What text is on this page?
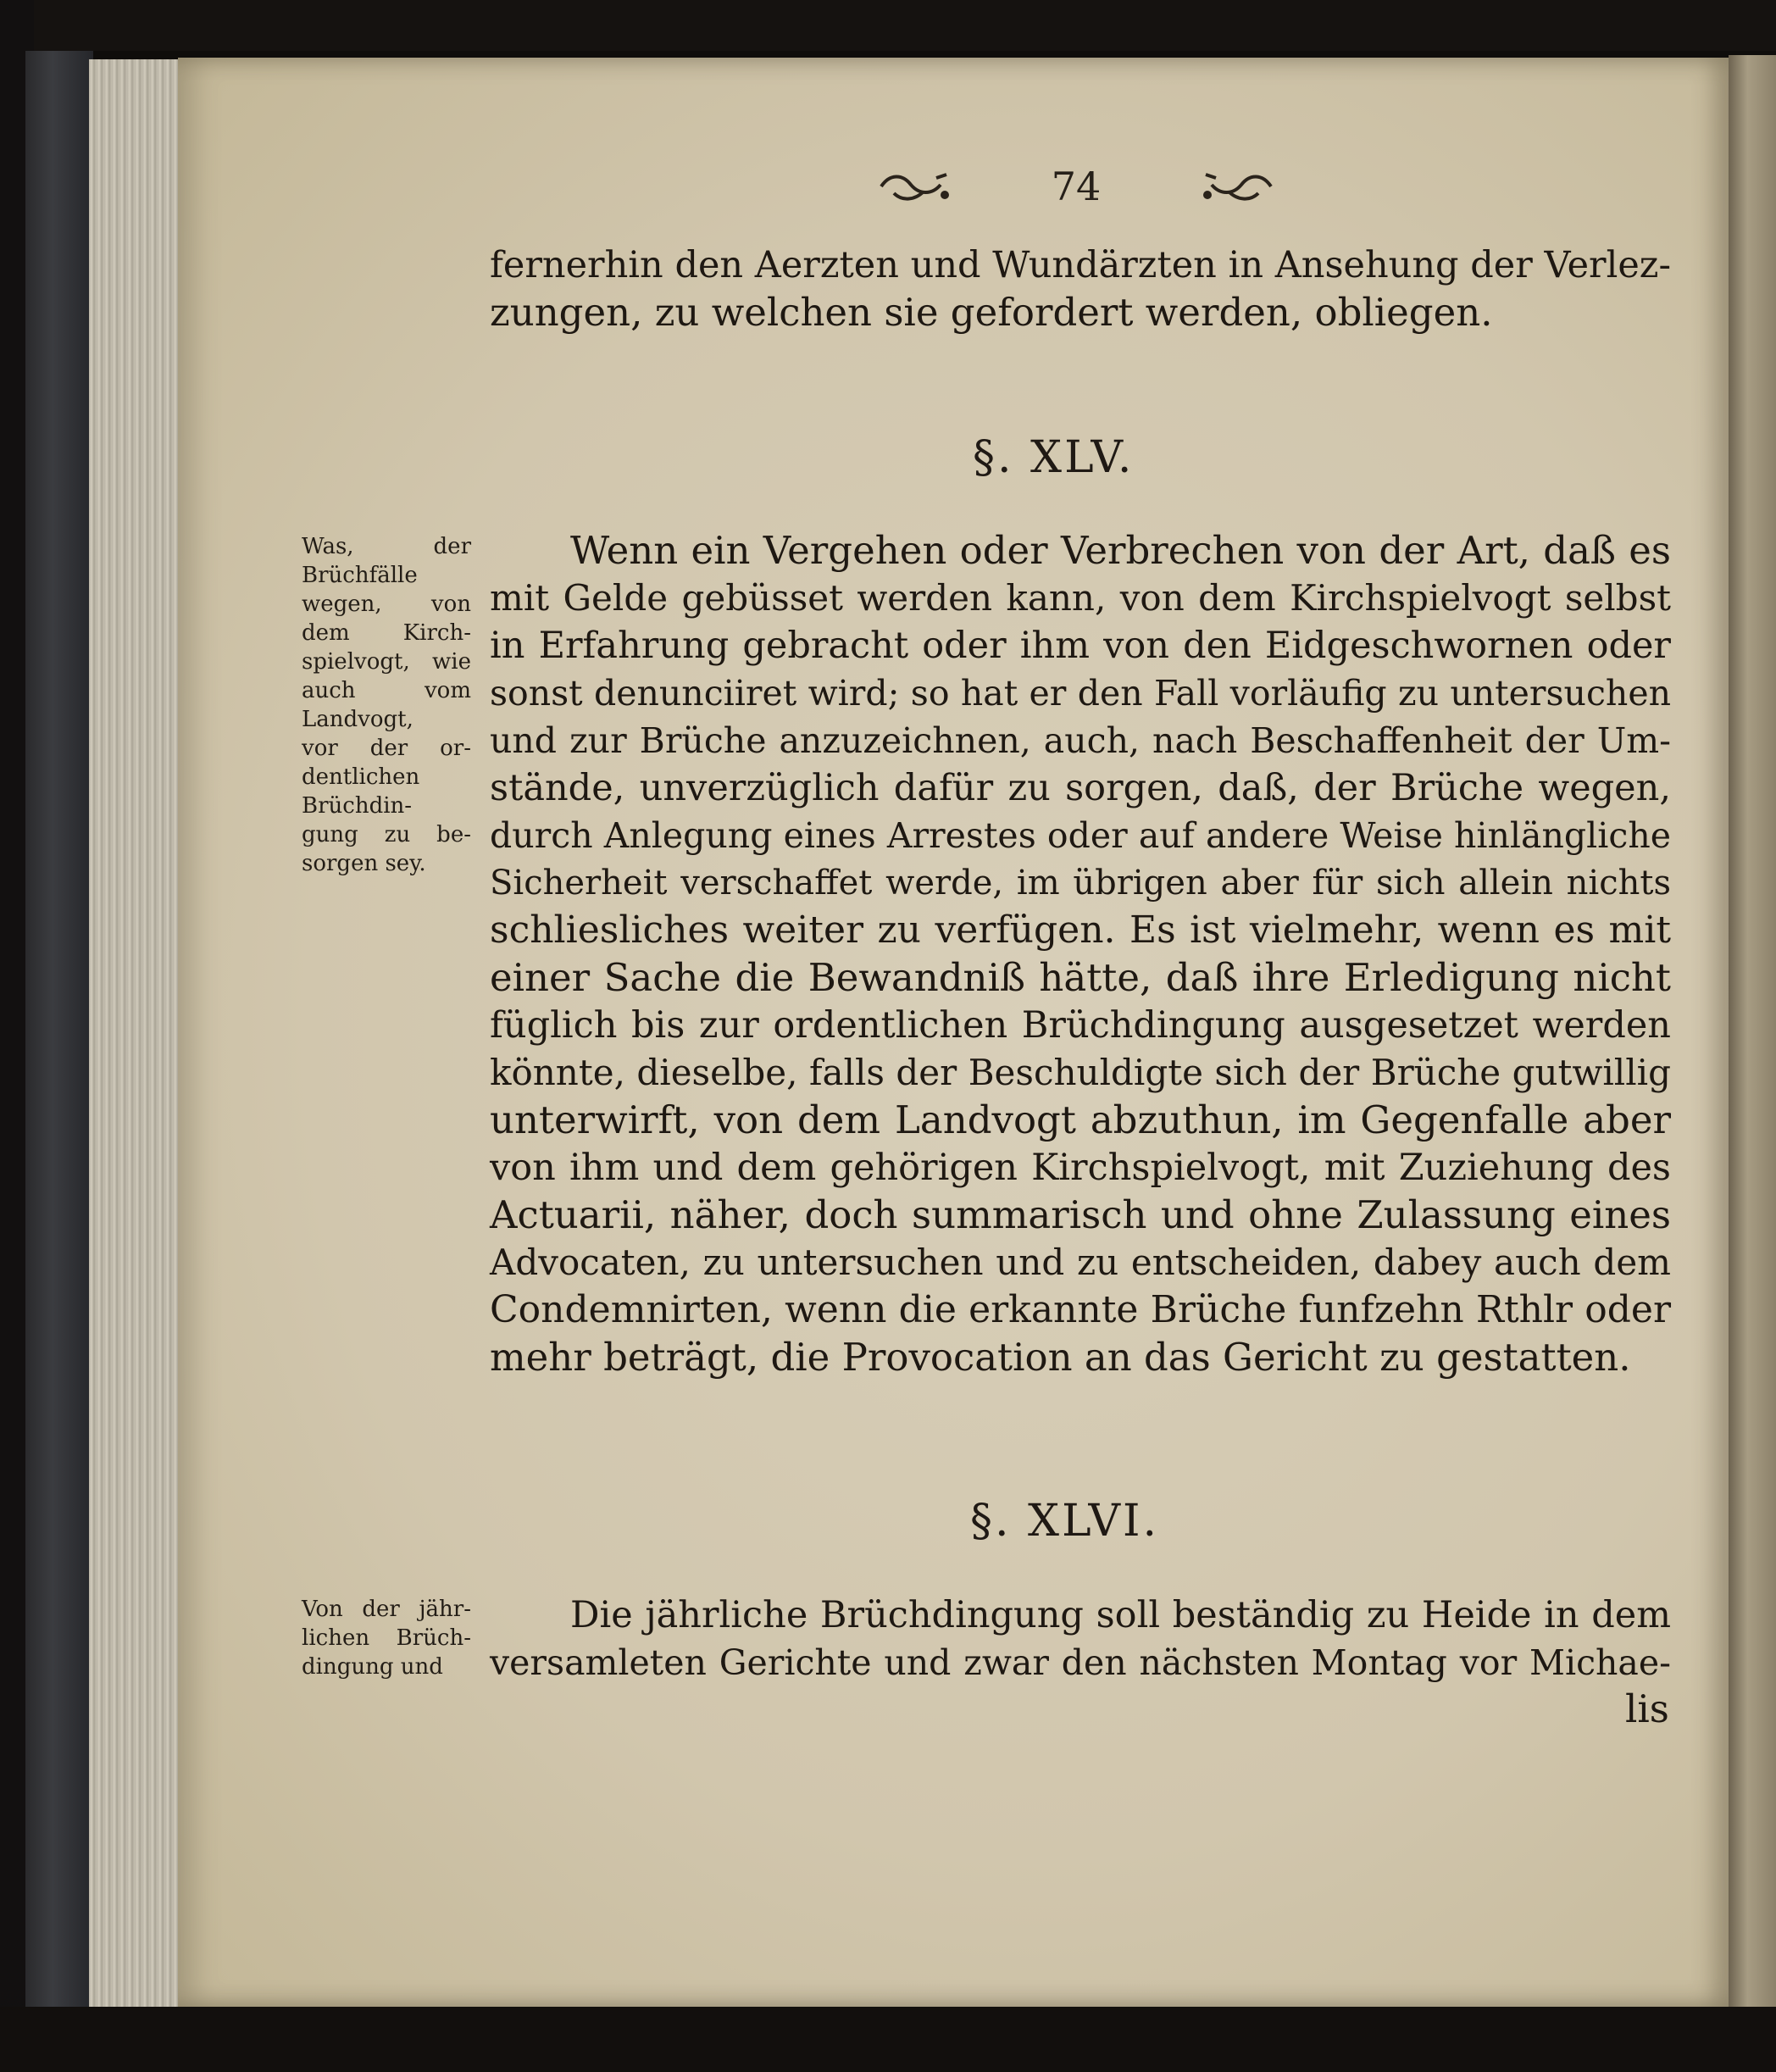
74
fernerhin den Aerzten und Wundärzten in Ansehung der Verlez-
zungen, zu welchen sie gefordert werden, obliegen.
§. XLV.
Was, der
Brüchfälle
wegen, von
dem Kirch-
spielvogt, wie
auch vom
Landvogt,
vor der or-
dentlichen
Brüchdin-
gung zu be-
sorgen sey.
Wenn ein Vergehen oder Verbrechen von der Art, daß es
mit Gelde gebüsset werden kann, von dem Kirchspielvogt selbst
in Erfahrung gebracht oder ihm von den Eidgeschwornen oder
sonst denunciiret wird; so hat er den Fall vorläufig zu untersuchen
und zur Brüche anzuzeichnen, auch, nach Beschaffenheit der Um-
stände, unverzüglich dafür zu sorgen, daß, der Brüche wegen,
durch Anlegung eines Arrestes oder auf andere Weise hinlängliche
Sicherheit verschaffet werde, im übrigen aber für sich allein nichts
schliesliches weiter zu verfügen. Es ist vielmehr, wenn es mit
einer Sache die Bewandniß hätte, daß ihre Erledigung nicht
füglich bis zur ordentlichen Brüchdingung ausgesetzet werden
könnte, dieselbe, falls der Beschuldigte sich der Brüche gutwillig
unterwirft, von dem Landvogt abzuthun, im Gegenfalle aber
von ihm und dem gehörigen Kirchspielvogt, mit Zuziehung des
Actuarii, näher, doch summarisch und ohne Zulassung eines
Advocaten, zu untersuchen und zu entscheiden, dabey auch dem
Condemnirten, wenn die erkannte Brüche funfzehn Rthlr oder
mehr beträgt, die Provocation an das Gericht zu gestatten.
§. XLVI.
Von der jähr-
lichen Brüch-
dingung und
Die jährliche Brüchdingung soll beständig zu Heide in dem
versamleten Gerichte und zwar den nächsten Montag vor Michae-
lis
